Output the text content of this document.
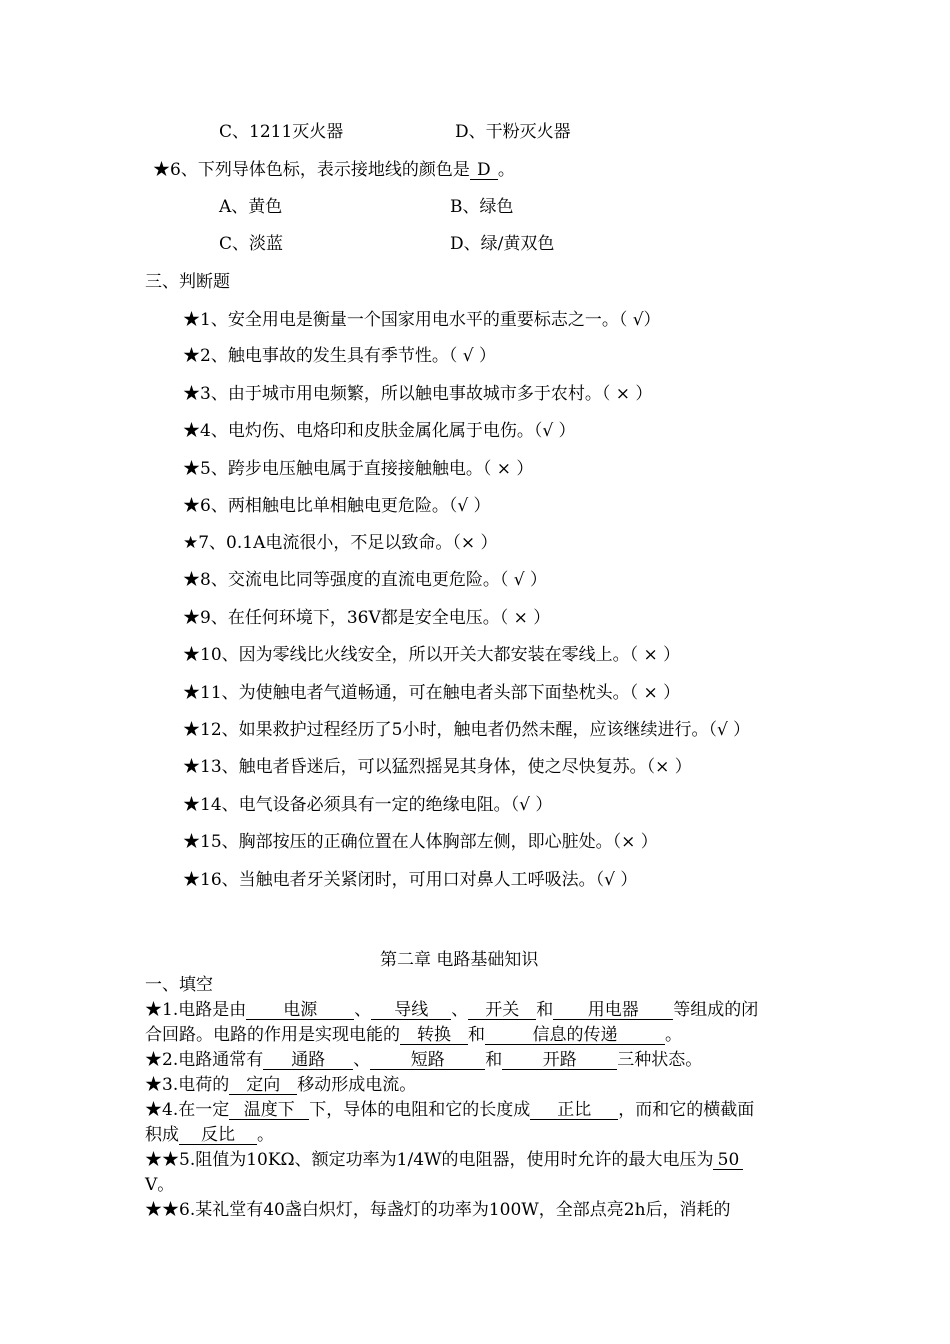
C、1211灭火器	D、干粉灭火器
★6、下列导体色标，表示接地线的颜色是 D 。
A、黄色	B、绿色
C、淡蓝	D、绿/黄双色
三、判断题
★1、安全用电是衡量一个国家用电水平的重要标志之一。（ √）
★2、触电事故的发生具有季节性。（ √ ）
★3、由于城市用电频繁，所以触电事故城市多于农村。（ × ）
★4、电灼伤、电烙印和皮肤金属化属于电伤。（√ ）
★5、跨步电压触电属于直接接触触电。（ × ）
★6、两相触电比单相触电更危险。（√ ）
★7、0.1A电流很小，不足以致命。（× ）
★8、交流电比同等强度的直流电更危险。（ √ ）
★9、在任何环境下，36V都是安全电压。（ × ）
★10、因为零线比火线安全，所以开关大都安装在零线上。（ × ）
★11、为使触电者气道畅通，可在触电者头部下面垫枕头。（ × ）
★12、如果救护过程经历了5小时，触电者仍然未醒，应该继续进行。（√ ）
★13、触电者昏迷后，可以猛烈摇晃其身体，使之尽快复苏。（× ）
★14、电气设备必须具有一定的绝缘电阻。（√ ）
★15、胸部按压的正确位置在人体胸部左侧，即心脏处。（× ）
★16、当触电者牙关紧闭时，可用口对鼻人工呼吸法。（√ ）
第二章 电路基础知识
一、填空
★1.电路是由 电源 、 导线 、 开关 和 用电器 等组成的闭
合回路。电路的作用是实现电能的 转换 和	信息的传递	。
★2.电路通常有 通路 、 短路 和 开路 三种状态。
★3.电荷的 定向 移动形成电流。
★4.在一定 温度下 下，导体的电阻和它的长度成 正比 ，而和它的横截面
积成 反比 。
★★5.阻值为10KΩ、额定功率为1/4W的电阻器，使用时允许的最大电压为 50
V。
★★6.某礼堂有40盏白炽灯，每盏灯的功率为100W，全部点亮2h后，消耗的
